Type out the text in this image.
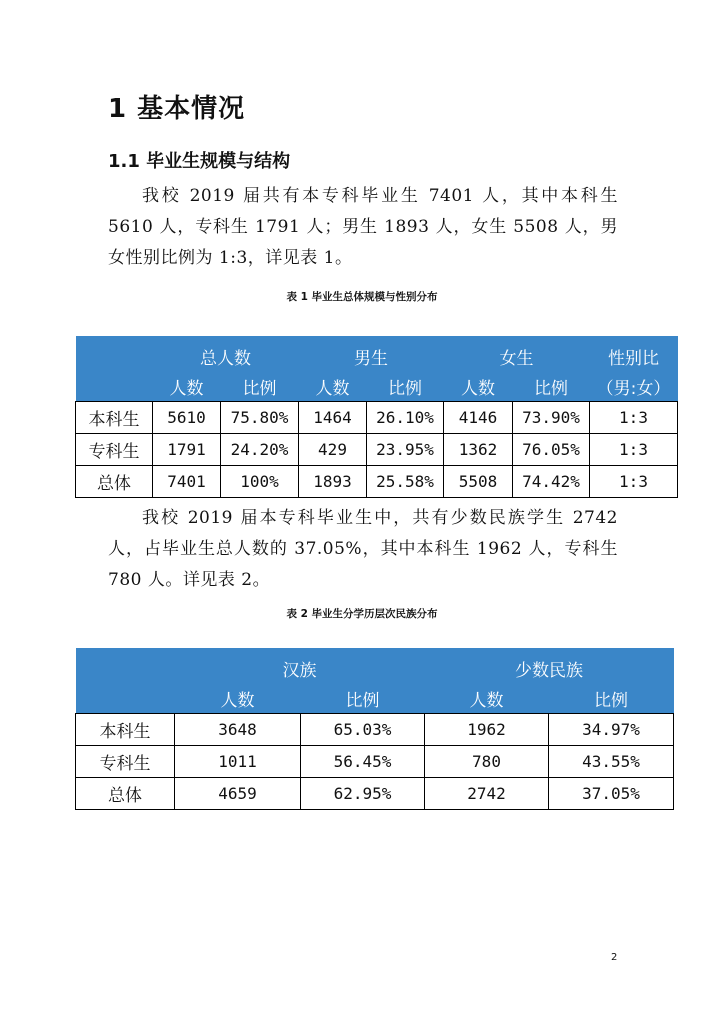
1 基本情况
1.1 毕业生规模与结构
我校 2019 届共有本专科毕业生 7401 人，其中本科生 5610 人，专科生 1791 人；男生 1893 人，女生 5508 人，男女性别比例为 1:3，详见表 1。
表 1 毕业生总体规模与性别分布
	总人数		男生		女生		性别比
	人数	比例	人数	比例	人数	比例	（男:女）
本科生	5610	75.80%	1464	26.10%	4146	73.90%	1:3
专科生	1791	24.20%	429	23.95%	1362	76.05%	1:3
总体	7401	100%	1893	25.58%	5508	74.42%	1:3
我校 2019 届本专科毕业生中，共有少数民族学生 2742 人，占毕业生总人数的 37.05%，其中本科生 1962 人，专科生 780 人。详见表 2。
表 2 毕业生分学历层次民族分布
	汉族		少数民族	
	人数	比例	人数	比例
本科生	3648	65.03%	1962	34.97%
专科生	1011	56.45%	780	43.55%
总体	4659	62.95%	2742	37.05%
2
